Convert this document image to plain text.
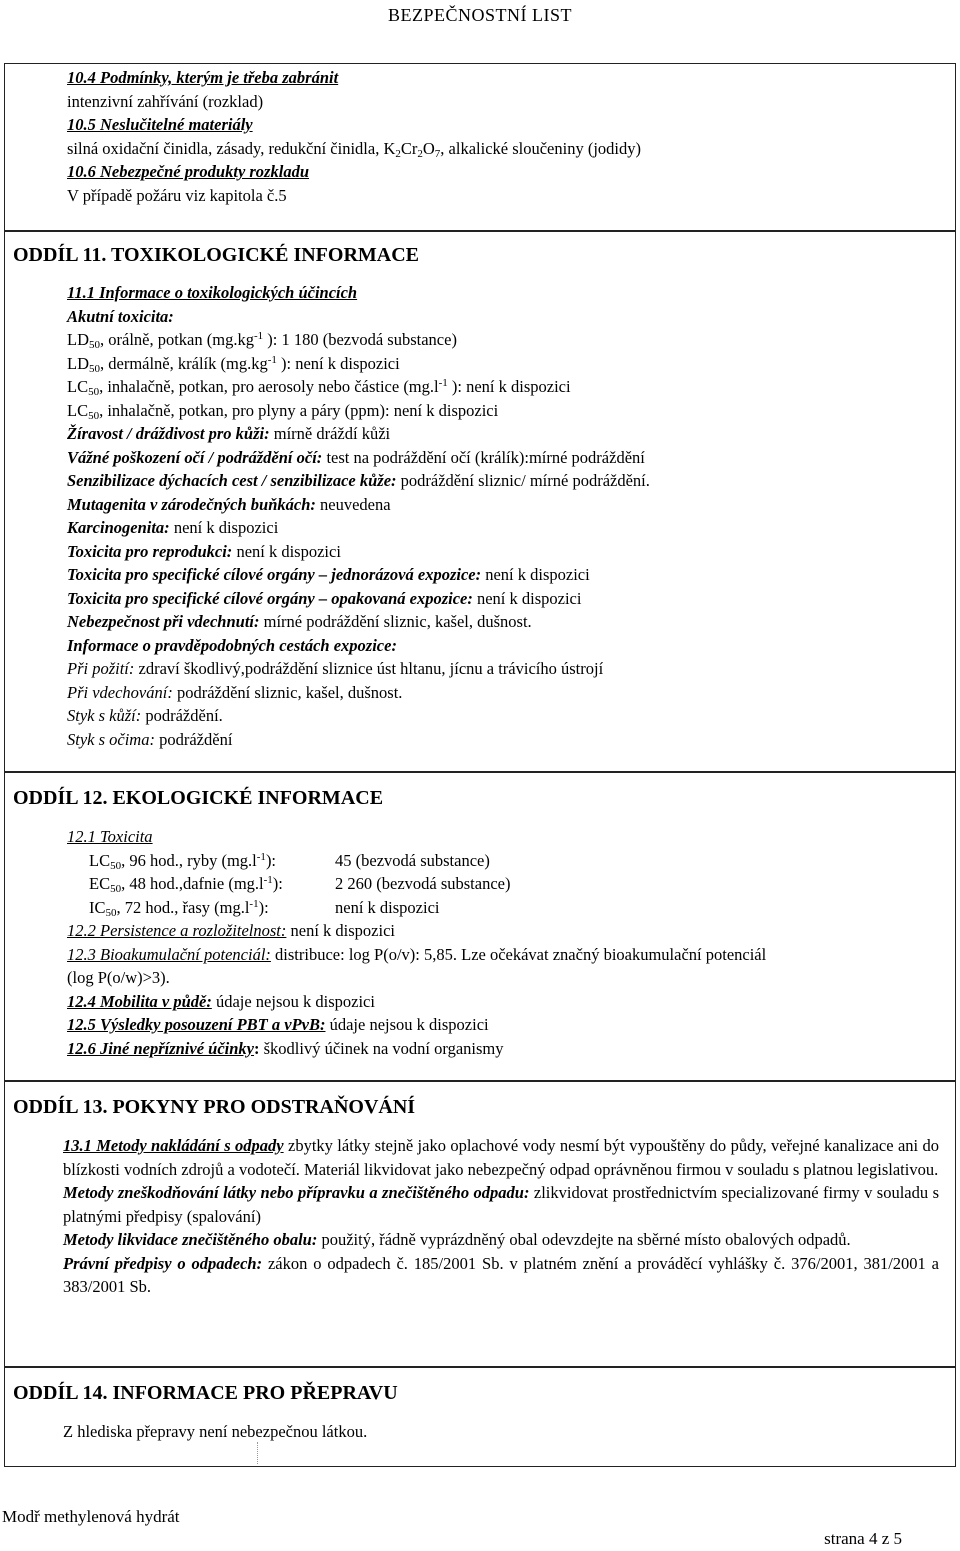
BEZPEČNOSTNÍ LIST
10.4 Podmínky, kterým je třeba zabránit
intenzivní zahřívání (rozklad)
10.5 Neslučitelné materiály
silná oxidační činidla, zásady, redukční činidla, $K_2Cr_2O_7$, alkalické sloučeniny (jodidy)
10.6 Nebezpečné produkty rozkladu
V případě požáru viz kapitola č.5
ODDÍL 11. TOXIKOLOGICKÉ INFORMACE
11.1 Informace o toxikologických účincích
Akutní toxicita:
$LD_{50}$, orálně, potkan ($mg.kg^{-1}$ ): 1 180 (bezvodá substance)
$LD_{50}$, dermálně, králík ($mg.kg^{-1}$ ): není k dispozici
$LC_{50}$, inhalačně, potkan, pro aerosoly nebo částice ($mg.l^{-1}$ ): není k dispozici
$LC_{50}$, inhalačně, potkan, pro plyny a páry (ppm): není k dispozici
Žíravost / dráždivost pro kůži: mírně dráždí kůži
Vážné poškození očí / podráždění očí: test na podráždění očí (králík):mírné podráždění
Senzibilizace dýchacích cest / senzibilizace kůže: podráždění sliznic/ mírné podráždění.
Mutagenita v zárodečných buňkách: neuvedena
Karcinogenita: není k dispozici
Toxicita pro reprodukci: není k dispozici
Toxicita pro specifické cílové orgány – jednorázová expozice: není k dispozici
Toxicita pro specifické cílové orgány – opakovaná expozice: není k dispozici
Nebezpečnost při vdechnutí: mírné podráždění sliznic, kašel, dušnost.
Informace o pravděpodobných cestách expozice:
Při požití: zdraví škodlivý,podráždění sliznice úst hltanu, jícnu a trávicího ústrojí
Při vdechování: podráždění sliznic, kašel, dušnost.
Styk s kůží: podráždění.
Styk s očima: podráždění
ODDÍL 12. EKOLOGICKÉ INFORMACE
12.1 Toxicita
$LC_{50}$, 96 hod., ryby $(mg.l^{-1})$:	45 (bezvodá substance)
$EC_{50}$, 48 hod.,dafnie $(mg.l^{-1})$:	2 260 (bezvodá substance)
$IC_{50}$, 72 hod., řasy $(mg.l^{-1})$:	není k dispozici
12.2 Persistence a rozložitelnost: není k dispozici
12.3 Bioakumulační potenciál: distribuce: log P(o/v): 5,85. Lze očekávat značný bioakumulační potenciál
(log P(o/w)>3).
12.4 Mobilita v půdě: údaje nejsou k dispozici
12.5 Výsledky posouzení PBT a vPvB: údaje nejsou k dispozici
12.6 Jiné nepříznivé účinky: škodlivý účinek na vodní organismy
ODDÍL 13. POKYNY PRO ODSTRAŇOVÁNÍ
13.1 Metody nakládání s odpady zbytky látky stejně jako oplachové vody nesmí být vypouštěny do půdy, veřejné kanalizace ani do blízkosti vodních zdrojů a vodotečí. Materiál likvidovat jako nebezpečný odpad oprávněnou firmou v souladu s platnou legislativou.
Metody zneškodňování látky nebo přípravku a znečištěného odpadu: zlikvidovat prostřednictvím specializované firmy v souladu s platnými předpisy (spalování)
Metody likvidace znečištěného obalu: použitý, řádně vyprázdněný obal odevzdejte na sběrné místo obalových odpadů.
Právní předpisy o odpadech: zákon o odpadech č. 185/2001 Sb. v platném znění a prováděcí vyhlášky č. 376/2001, 381/2001 a 383/2001 Sb.
ODDÍL 14. INFORMACE PRO PŘEPRAVU
Z hlediska přepravy není nebezpečnou látkou.
Modř methylenová hydrát
strana 4 z 5
